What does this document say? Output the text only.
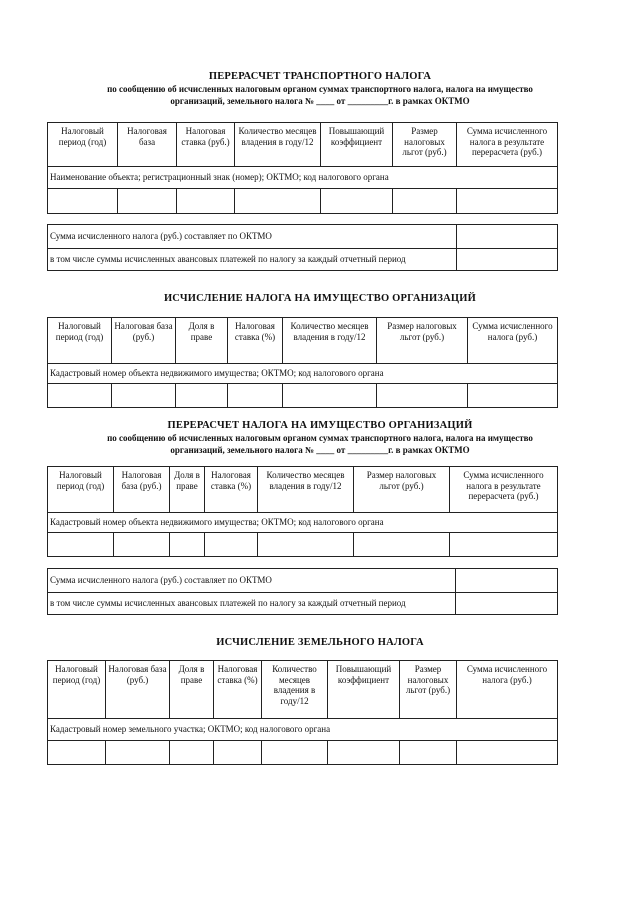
ПЕРЕРАСЧЕТ ТРАНСПОРТНОГО НАЛОГА
по сообщению об исчисленных налоговым органом суммах транспортного налога, налога на имущество
организаций, земельного налога № ____ от _________г. в рамках ОКТМО
Налоговый период (год)	Налоговая база	Налоговая ставка (руб.)	Количество месяцев владения в году/12	Повышающий коэффициент	Размер налоговых льгот (руб.)	Сумма исчисленного налога в результате перерасчета (руб.)
Наименование объекта; регистрационный знак (номер); ОКТМО; код налогового органа						

Сумма исчисленного налога (руб.) составляет по ОКТМО	
в том числе суммы исчисленных авансовых платежей по налогу за каждый отчетный период	
ИСЧИСЛЕНИЕ НАЛОГА НА ИМУЩЕСТВО ОРГАНИЗАЦИЙ
Налоговый период (год)	Налоговая база (руб.)	Доля в праве	Налоговая ставка (%)	Количество месяцев владения в году/12	Размер налоговых льгот (руб.)	Сумма исчисленного налога (руб.)
Кадастровый номер объекта недвижимого имущества; ОКТМО; код налогового органа						

ПЕРЕРАСЧЕТ НАЛОГА НА ИМУЩЕСТВО ОРГАНИЗАЦИЙ
по сообщению об исчисленных налоговым органом суммах транспортного налога, налога на имущество
организаций, земельного налога № ____ от _________г. в рамках ОКТМО
Налоговый период (год)	Налоговая база (руб.)	Доля в праве	Налоговая ставка (%)	Количество месяцев владения в году/12	Размер налоговых льгот (руб.)	Сумма исчисленного налога в результате перерасчета (руб.)
Кадастровый номер объекта недвижимого имущества; ОКТМО; код налогового органа						

Сумма исчисленного налога (руб.) составляет по ОКТМО	
в том числе суммы исчисленных авансовых платежей по налогу за каждый отчетный период	
ИСЧИСЛЕНИЕ ЗЕМЕЛЬНОГО НАЛОГА
Налоговый период (год)	Налоговая база (руб.)	Доля в праве	Налоговая ставка (%)	Количество месяцев владения в году/12	Повышающий коэффициент	Размер налоговых льгот (руб.)	Сумма исчисленного налога (руб.)
Кадастровый номер земельного участка; ОКТМО; код налогового органа							
